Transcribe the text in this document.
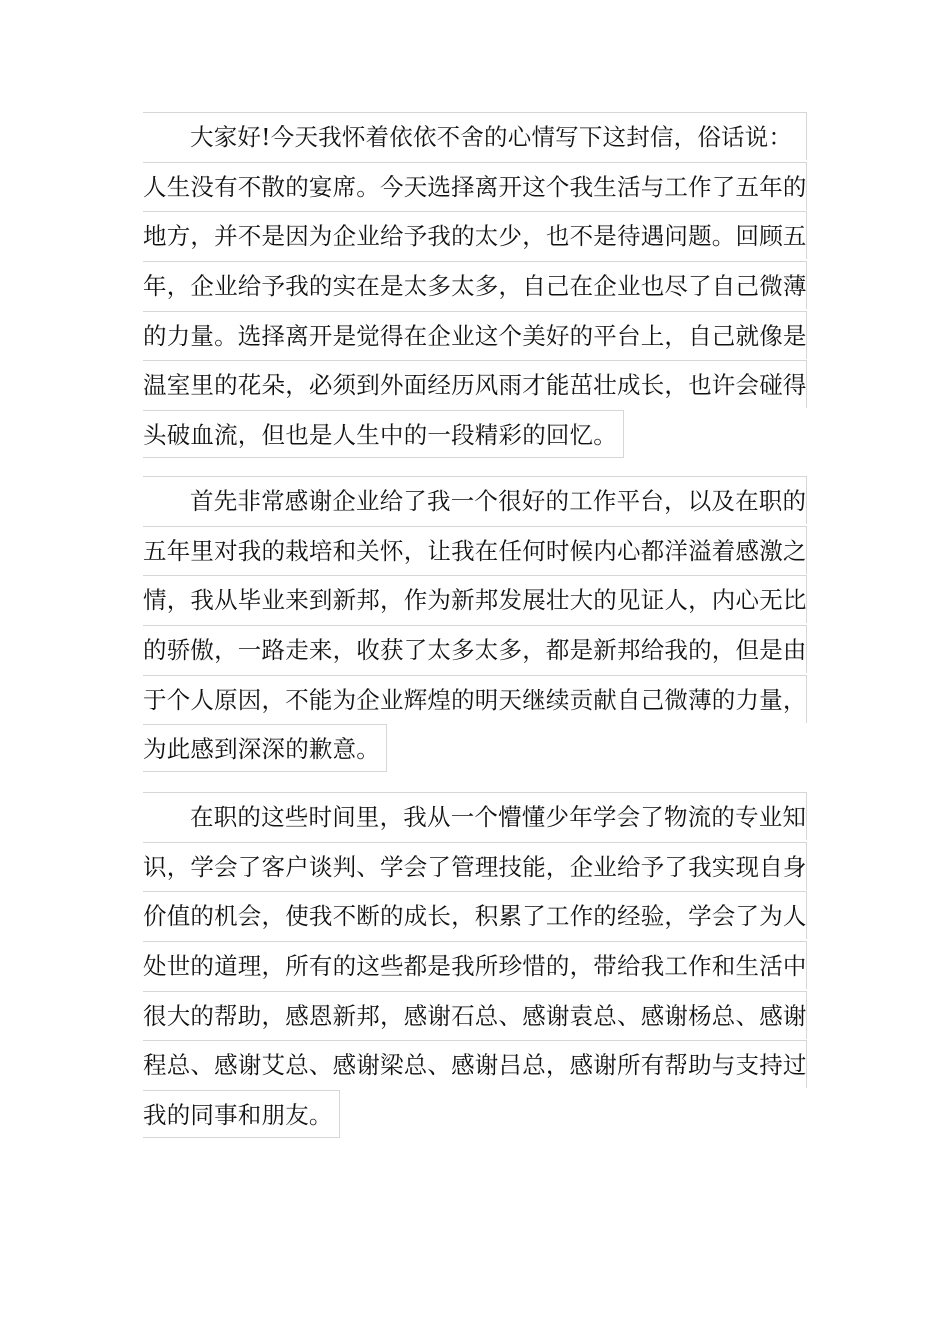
大家好!今天我怀着依依不舍的心情写下这封信，俗话说：
人生没有不散的宴席。今天选择离开这个我生活与工作了五年的
地方，并不是因为企业给予我的太少，也不是待遇问题。回顾五
年，企业给予我的实在是太多太多，自己在企业也尽了自己微薄
的力量。选择离开是觉得在企业这个美好的平台上，自己就像是
温室里的花朵，必须到外面经历风雨才能茁壮成长，也许会碰得
头破血流，但也是人生中的一段精彩的回忆。
首先非常感谢企业给了我一个很好的工作平台，以及在职的
五年里对我的栽培和关怀，让我在任何时候内心都洋溢着感激之
情，我从毕业来到新邦，作为新邦发展壮大的见证人，内心无比
的骄傲，一路走来，收获了太多太多，都是新邦给我的，但是由
于个人原因，不能为企业辉煌的明天继续贡献自己微薄的力量，
为此感到深深的歉意。
在职的这些时间里，我从一个懵懂少年学会了物流的专业知
识，学会了客户谈判、学会了管理技能，企业给予了我实现自身
价值的机会，使我不断的成长，积累了工作的经验，学会了为人
处世的道理，所有的这些都是我所珍惜的，带给我工作和生活中
很大的帮助，感恩新邦，感谢石总、感谢袁总、感谢杨总、感谢
程总、感谢艾总、感谢梁总、感谢吕总，感谢所有帮助与支持过
我的同事和朋友。
